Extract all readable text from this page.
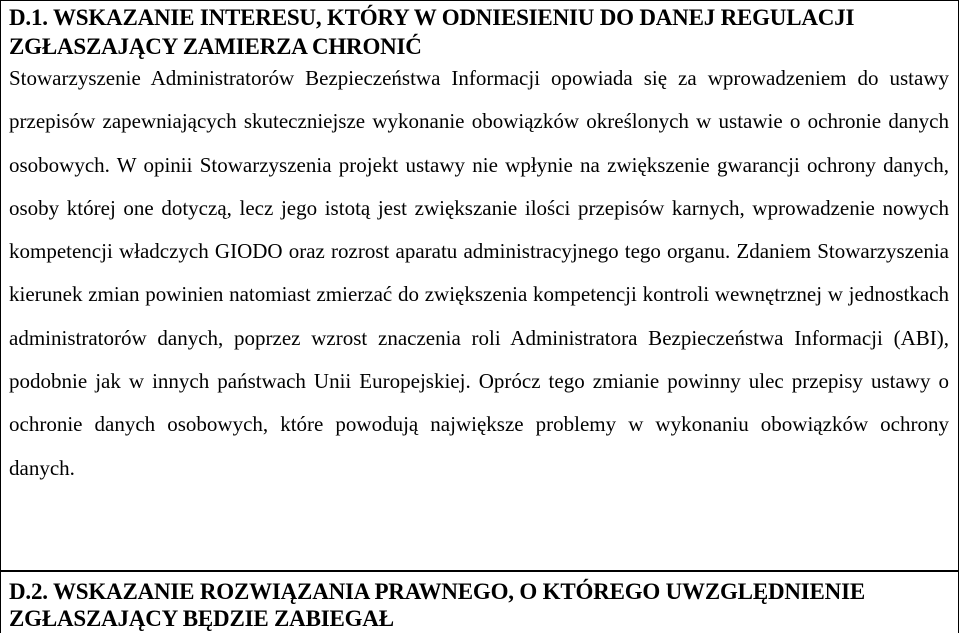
D.1. WSKAZANIE INTERESU, KTÓRY W ODNIESIENIU DO DANEJ REGULACJI
ZGŁASZAJĄCY ZAMIERZA CHRONIĆ
Stowarzyszenie Administratorów Bezpieczeństwa Informacji opowiada się za wprowadzeniem do ustawy przepisów zapewniających skuteczniejsze wykonanie obowiązków określonych w ustawie o ochronie danych osobowych. W opinii Stowarzyszenia projekt ustawy nie wpłynie na zwiększenie gwarancji ochrony danych, osoby której one dotyczą, lecz jego istotą jest zwiększanie ilości przepisów karnych, wprowadzenie nowych kompetencji władczych GIODO oraz rozrost aparatu administracyjnego tego organu. Zdaniem Stowarzyszenia kierunek zmian powinien natomiast zmierzać do zwiększenia kompetencji kontroli wewnętrznej w jednostkach administratorów danych, poprzez wzrost znaczenia roli Administratora Bezpieczeństwa Informacji (ABI), podobnie jak w innych państwach Unii Europejskiej. Oprócz tego zmianie powinny ulec przepisy ustawy o ochronie danych osobowych, które powodują największe problemy w wykonaniu obowiązków ochrony danych.
D.2. WSKAZANIE ROZWIĄZANIA PRAWNEGO, O KTÓREGO UWZGLĘDNIENIE
ZGŁASZAJĄCY BĘDZIE ZABIEGAŁ
